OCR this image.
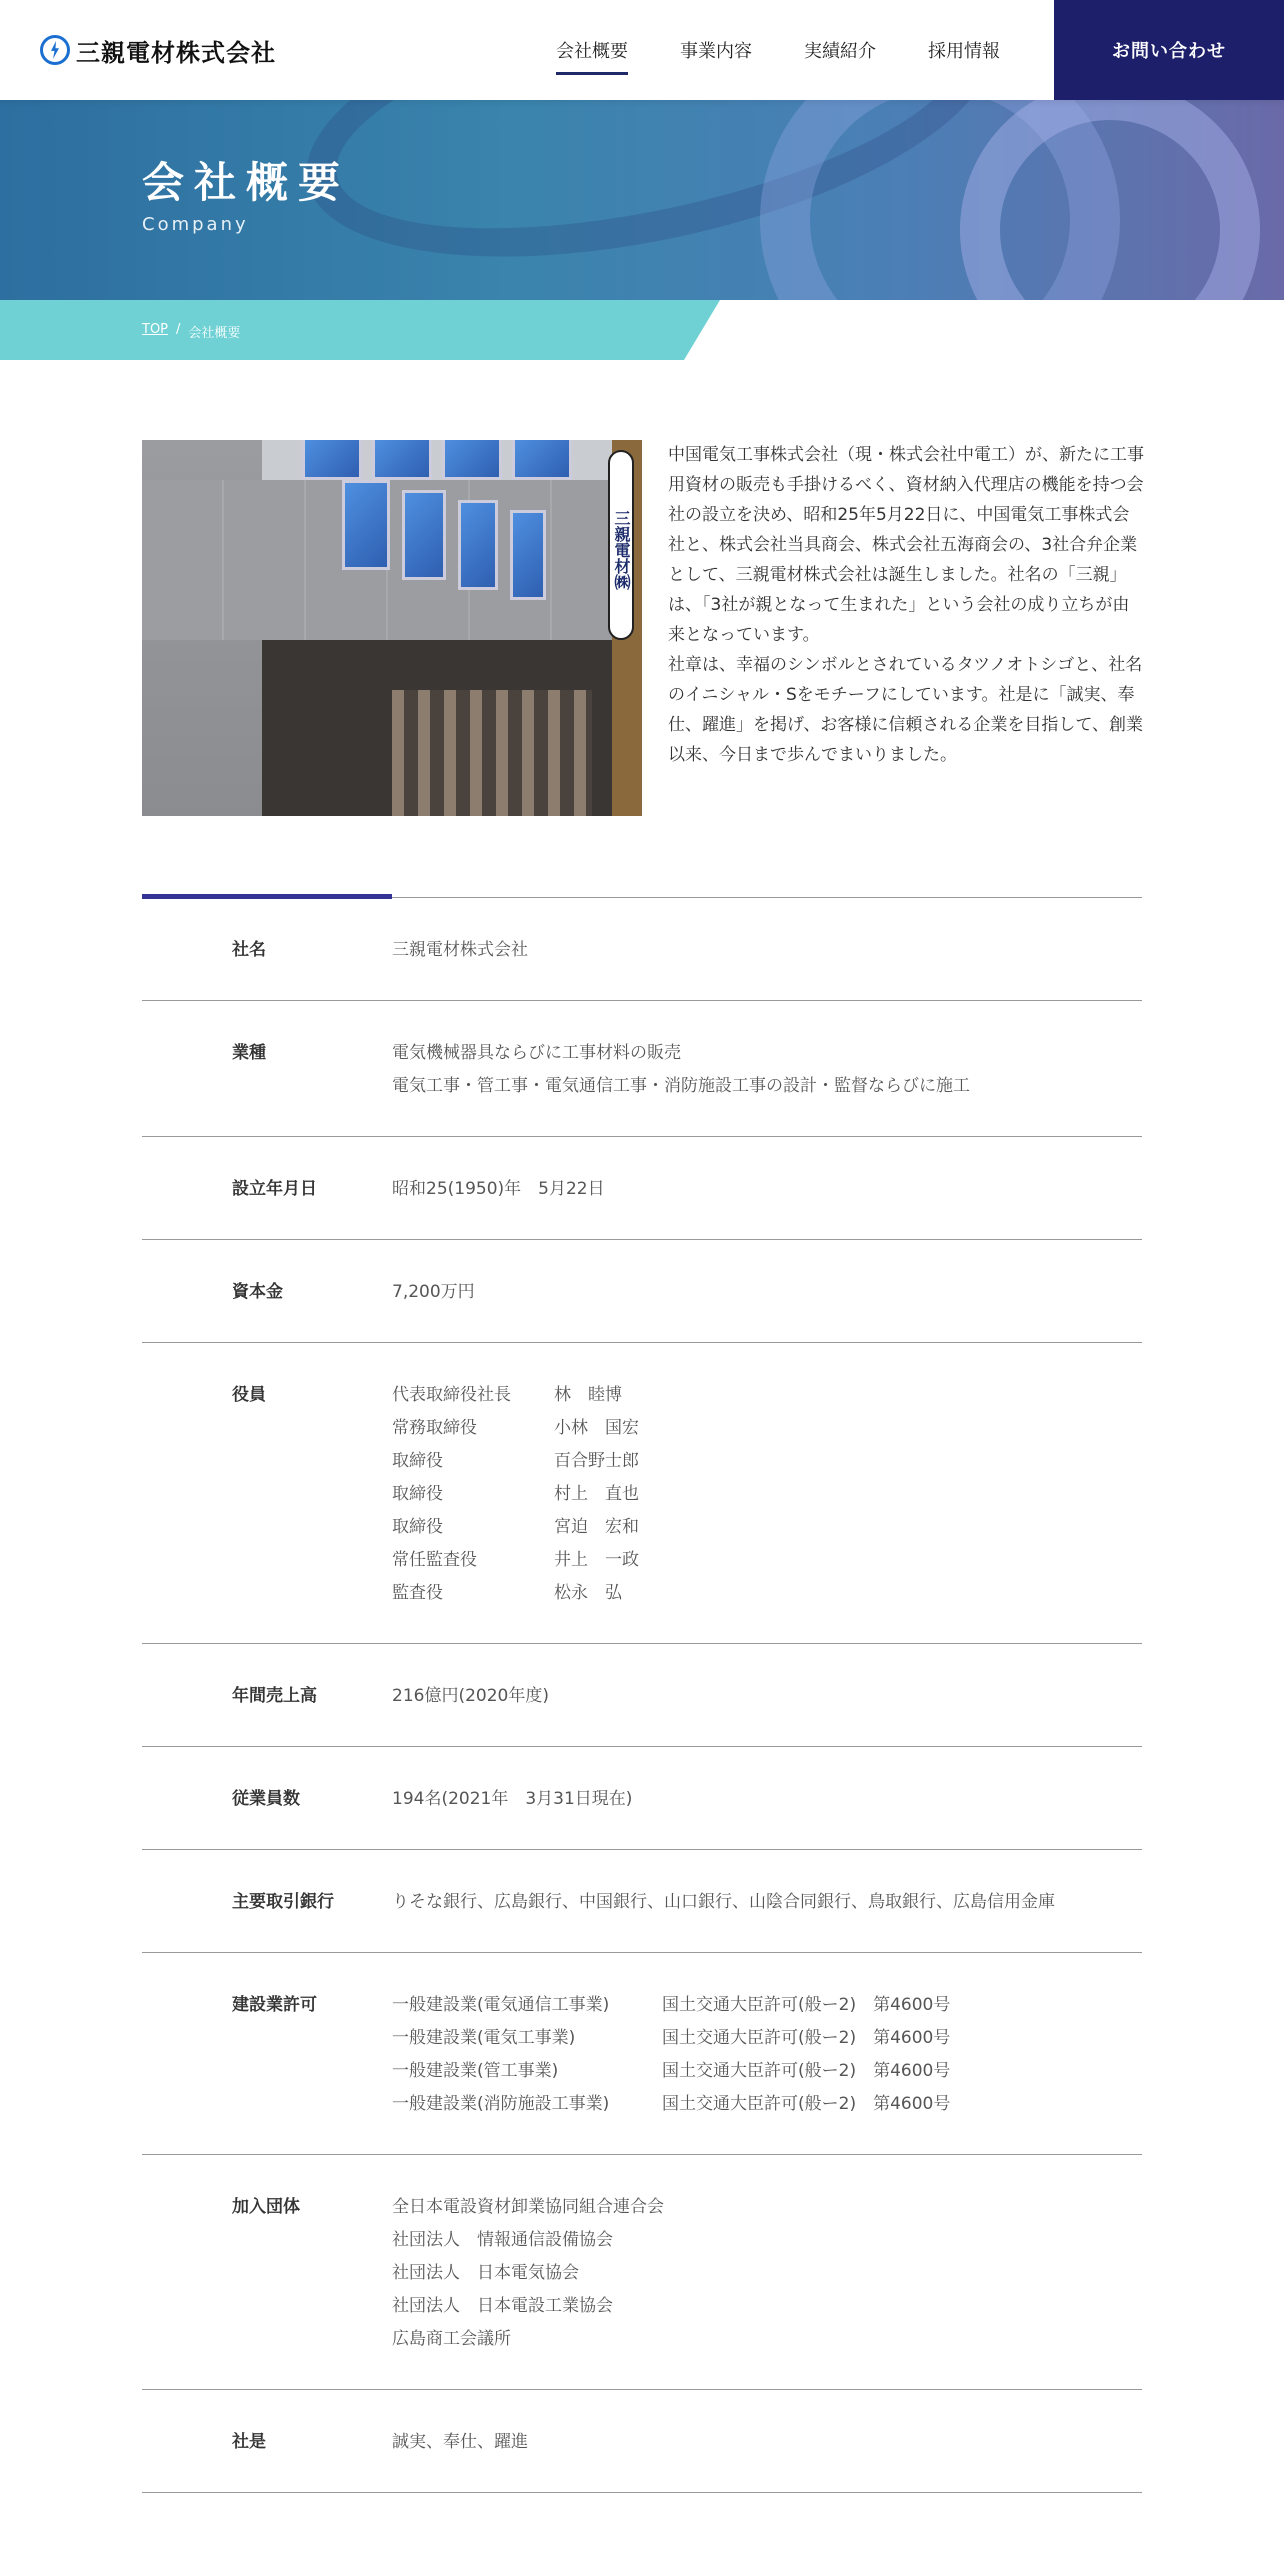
三親電材株式会社	会社概要	事業内容	実績紹介	採用情報	お問い合わせ
会社概要
Company
TOP / 会社概要
三親電材㈱

中国電気工事株式会社（現・株式会社中電工）が、新たに工事用資材の販売も手掛けるべく、資材納入代理店の機能を持つ会社の設立を決め、昭和25年5月22日に、中国電気工事株式会社と、株式会社当具商会、株式会社五海商会の、3社合弁企業として、三親電材株式会社は誕生しました。社名の「三親」は、「3社が親となって生まれた」という会社の成り立ちが由来となっています。

社章は、幸福のシンボルとされているタツノオトシゴと、社名のイニシャル・Sをモチーフにしています。社是に「誠実、奉仕、躍進」を掲げ、お客様に信頼される企業を目指して、創業以来、今日まで歩んでまいりました。

社名	三親電材株式会社
業種	電気機械器具ならびに工事材料の販売
電気工事・管工事・電気通信工事・消防施設工事の設計・監督ならびに施工
設立年月日	昭和25(1950)年　5月22日
資本金	7,200万円
役員	代表取締役社長	林　睦博
常務取締役	小林　国宏
取締役	百合野士郎
取締役	村上　直也
取締役	宮迫　宏和
常任監査役	井上　一政
監査役	松永　弘
年間売上高	216億円(2020年度)
従業員数	194名(2021年　3月31日現在)
主要取引銀行	りそな銀行、広島銀行、中国銀行、山口銀行、山陰合同銀行、鳥取銀行、広島信用金庫
建設業許可	一般建設業(電気通信工事業)	国土交通大臣許可(般ー2)　第4600号
一般建設業(電気工事業)	国土交通大臣許可(般ー2)　第4600号
一般建設業(管工事業)	国土交通大臣許可(般ー2)　第4600号
一般建設業(消防施設工事業)	国土交通大臣許可(般ー2)　第4600号
加入団体	全日本電設資材卸業協同組合連合会
社団法人　情報通信設備協会
社団法人　日本電気協会
社団法人　日本電設工業協会
広島商工会議所
社是	誠実、奉仕、躍進
